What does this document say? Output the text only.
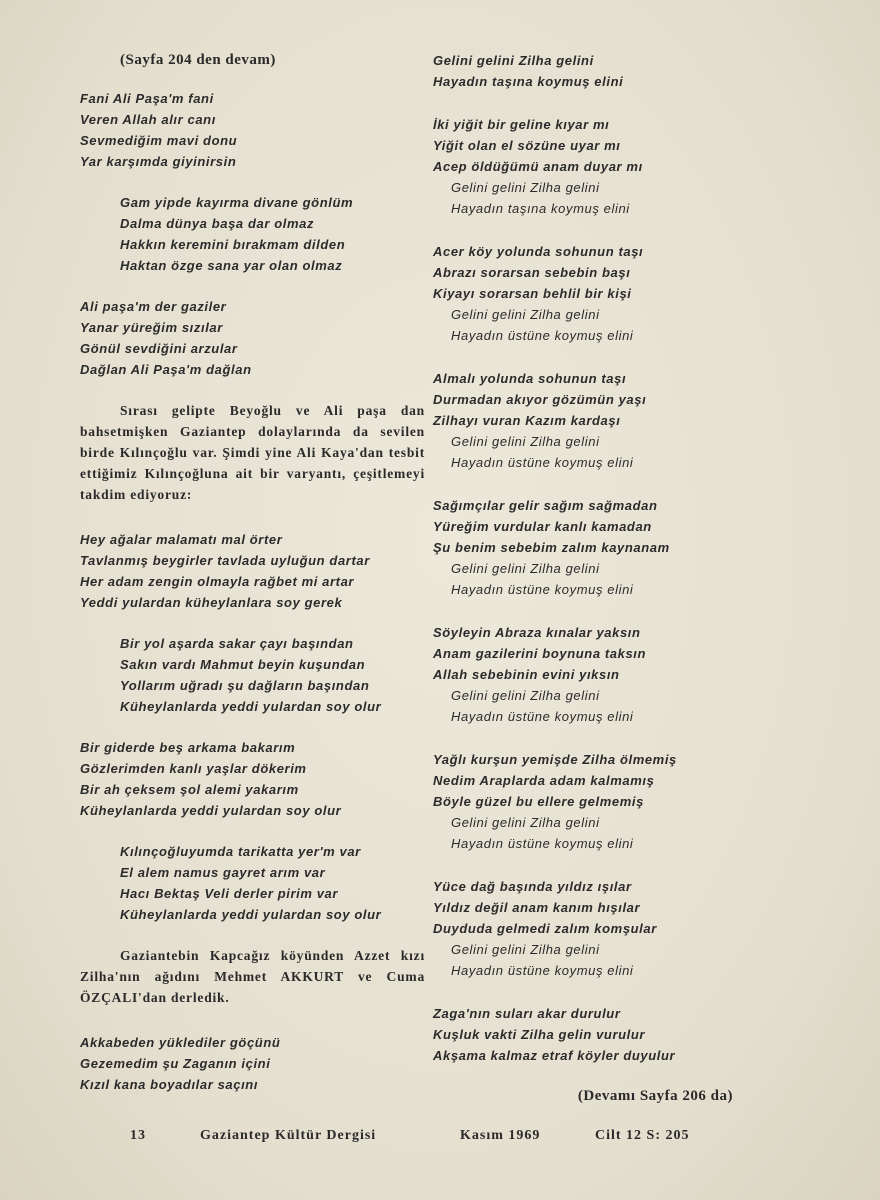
(Sayfa 204 den devam)
Fani Ali Paşa'm fani
Veren Allah alır canı
Sevmediğim mavi donu
Yar karşımda giyinirsin
Gam yipde kayırma divane gönlüm
Dalma dünya başa dar olmaz
Hakkın keremini bırakmam dilden
Haktan özge sana yar olan olmaz
Ali paşa'm der gaziler
Yanar yüreğim sızılar
Gönül sevdiğini arzular
Dağlan Ali Paşa'm dağlan

Sırası gelipte Beyoğlu ve Ali paşa dan bahsetmişken Gaziantep dolaylarında da sevilen birde Kılınçoğlu var. Şimdi yine Ali Kaya'dan tesbit ettiğimiz Kılınçoğluna ait bir varyantı, çeşitlemeyi takdim ediyoruz:

Hey ağalar malamatı mal örter
Tavlanmış beygirler tavlada uyluğun dartar
Her adam zengin olmayla rağbet mi artar
Yeddi yulardan küheylanlara soy gerek
Bir yol aşarda sakar çayı başından
Sakın vardı Mahmut beyin kuşundan
Yollarım uğradı şu dağların başından
Küheylanlarda yeddi yulardan soy olur
Bir giderde beş arkama bakarım
Gözlerimden kanlı yaşlar dökerim
Bir ah çeksem şol alemi yakarım
Küheylanlarda yeddi yulardan soy olur
Kılınçoğluyumda tarikatta yer'm var
El alem namus gayret arım var
Hacı Bektaş Veli derler pirim var
Küheylanlarda yeddi yulardan soy olur

Gaziantebin Kapcağız köyünden Azzet kızı Zilha'nın ağıdını Mehmet AKKURT ve Cuma ÖZÇALI'dan derledik.

Akkabeden yüklediler göçünü
Gezemedim şu Zaganın içini
Kızıl kana boyadılar saçını
Gelini gelini Zilha gelini
Hayadın taşına koymuş elini
İki yiğit bir geline kıyar mı
Yiğit olan el sözüne uyar mı
Acep öldüğümü anam duyar mı
Gelini gelini Zilha gelini
Hayadın taşına koymuş elini
Acer köy yolunda sohunun taşı
Abrazı sorarsan sebebin başı
Kiyayı sorarsan behlil bir kişi
Gelini gelini Zilha gelini
Hayadın üstüne koymuş elini
Almalı yolunda sohunun taşı
Durmadan akıyor gözümün yaşı
Zilhayı vuran Kazım kardaşı
Gelini gelini Zilha gelini
Hayadın üstüne koymuş elini
Sağımçılar gelir sağım sağmadan
Yüreğim vurdular kanlı kamadan
Şu benim sebebim zalım kaynanam
Gelini gelini Zilha gelini
Hayadın üstüne koymuş elini
Söyleyin Abraza kınalar yaksın
Anam gazilerini boynuna taksın
Allah sebebinin evini yıksın
Gelini gelini Zilha gelini
Hayadın üstüne koymuş elini
Yağlı kurşun yemişde Zilha ölmemiş
Nedim Araplarda adam kalmamış
Böyle güzel bu ellere gelmemiş
Gelini gelini Zilha gelini
Hayadın üstüne koymuş elini
Yüce dağ başında yıldız ışılar
Yıldız değil anam kanım hışılar
Duyduda gelmedi zalım komşular
Gelini gelini Zilha gelini
Hayadın üstüne koymuş elini
Zaga'nın suları akar durulur
Kuşluk vakti Zilha gelin vurulur
Akşama kalmaz etraf köyler duyulur
(Devamı Sayfa 206 da)
13	Gaziantep Kültür Dergisi	Kasım 1969	Cilt 12 S: 205
